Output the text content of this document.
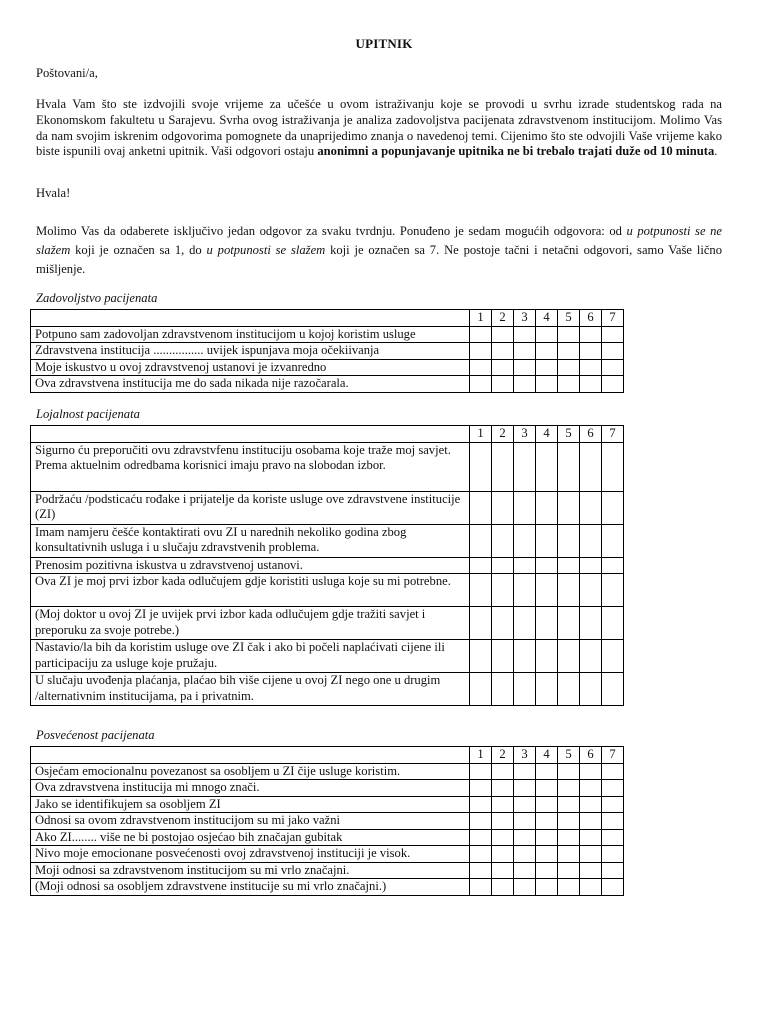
UPITNIK
Poštovani/a,
Hvala Vam što ste izdvojili svoje vrijeme za učešće u ovom istraživanju koje se provodi u svrhu izrade studentskog rada na Ekonomskom fakultetu u Sarajevu. Svrha ovog istraživanja je analiza zadovoljstva pacijenata zdravstvenom institucijom. Molimo Vas da nam svojim iskrenim odgovorima pomognete da unaprijedimo znanja o navedenoj temi. Cijenimo što ste odvojili Vaše vrijeme kako biste ispunili ovaj anketni upitnik. Vaši odgovori ostaju anonimni a popunjavanje upitnika ne bi trebalo trajati duže od 10 minuta.
Hvala!
Molimo Vas da odaberete isključivo jedan odgovor za svaku tvrdnju. Ponuđeno je sedam mogućih odgovora: od u potpunosti se ne slažem koji je označen sa 1, do u potpunosti se slažem koji je označen sa 7. Ne postoje tačni i netačni odgovori, samo Vaše lično mišljenje.
Zadovoljstvo pacijenata
	1	2	3	4	5	6	7
Potpuno sam zadovoljan zdravstvenom institucijom u kojoj koristim usluge							
Zdravstvena institucija ................ uvijek ispunjava moja očekiivanja							
Moje iskustvo u ovoj zdravstvenoj ustanovi je izvanredno							
Ova zdravstvena institucija me do sada nikada nije razočarala.							
Lojalnost pacijenata
	1	2	3	4	5	6	7
Sigurno ću preporučiti ovu zdravstvfenu instituciju osobama koje traže moj savjet. Prema aktuelnim odredbama korisnici imaju pravo na slobodan izbor.							
Podržaću /podsticaću rođake i prijatelje da koriste usluge ove zdravstvene institucije (ZI)							
Imam namjeru češće kontaktirati ovu ZI u narednih nekoliko godina zbog konsultativnih usluga i u slučaju zdravstvenih problema.							
Prenosim pozitivna iskustva u zdravstvenoj ustanovi.							
Ova ZI je moj prvi izbor kada odlučujem gdje koristiti usluga koje su mi potrebne.							
(Moj doktor u ovoj ZI je uvijek prvi izbor kada odlučujem gdje tražiti savjet i preporuku za svoje potrebe.)							
Nastavio/la bih da koristim usluge ove ZI čak i ako bi počeli naplaćivati cijene ili participaciju za usluge koje pružaju.							
U slučaju uvođenja plaćanja, plaćao bih više cijene u ovoj ZI nego one u drugim /alternativnim institucijama, pa i privatnim.							
Posvećenost pacijenata
	1	2	3	4	5	6	7
Osjećam emocionalnu povezanost sa osobljem u ZI čije usluge koristim.							
Ova zdravstvena institucija mi mnogo znači.							
Jako se identifikujem sa osobljem ZI							
Odnosi sa ovom zdravstvenom institucijom su mi jako važni							
Ako ZI........ više ne bi postojao osjećao bih značajan gubitak							
Nivo moje emocionane posvećenosti ovoj zdravstvenoj instituciji je visok.							
Moji odnosi sa zdravstvenom institucijom su mi vrlo značajni.							
(Moji odnosi sa osobljem zdravstvene institucije su mi vrlo značajni.)							
